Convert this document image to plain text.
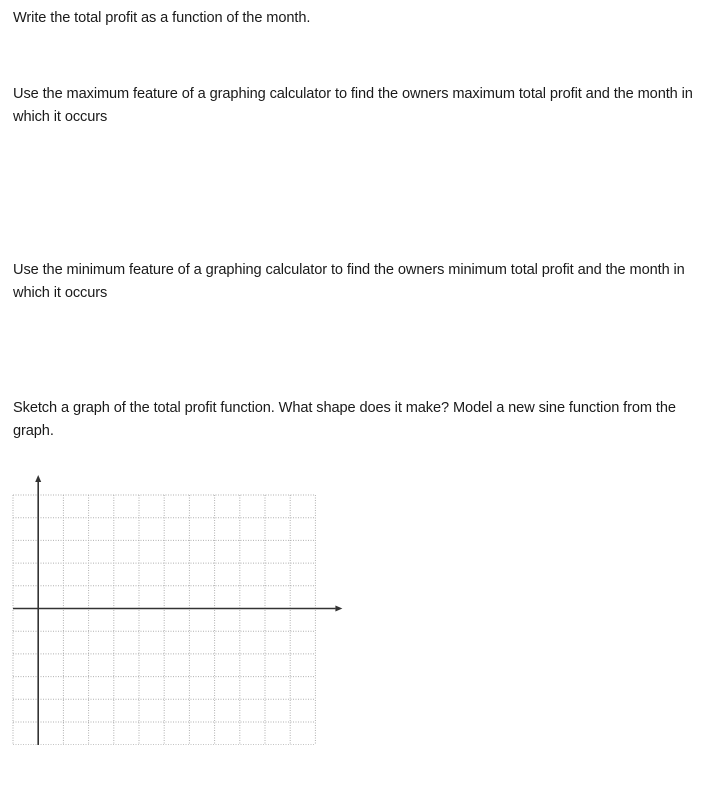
Write the total profit as a function of the month.

Use the maximum feature of a graphing calculator to find the owners maximum total profit and the month in which it occurs

Use the minimum feature of a graphing calculator to find the owners minimum total profit and the month in which it occurs

Sketch a graph of the total profit function. What shape does it make? Model a new sine function from the graph.
